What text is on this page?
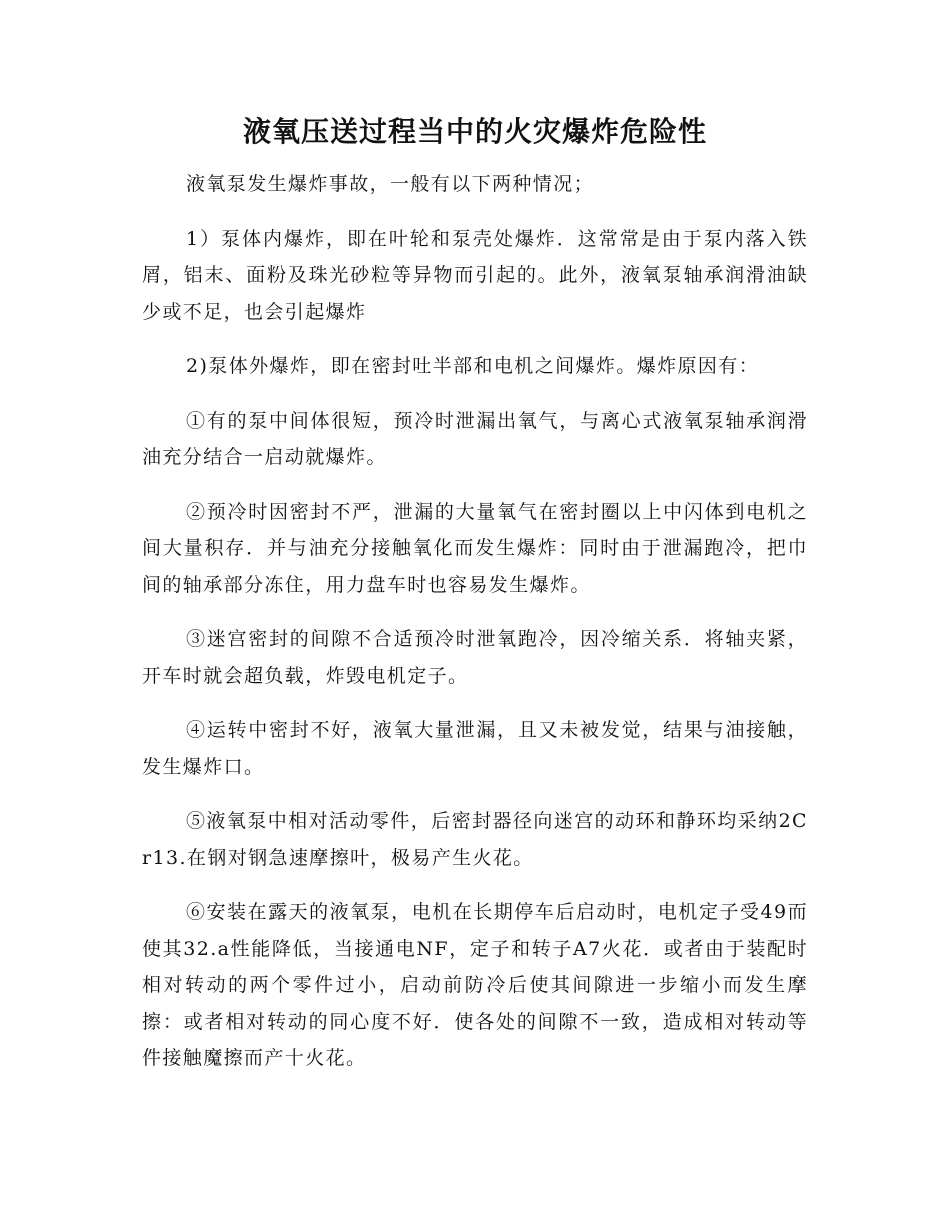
液氧压送过程当中的火灾爆炸危险性

液氧泵发生爆炸事故，一般有以下两种情况；

1）泵体内爆炸，即在叶轮和泵壳处爆炸．这常常是由于泵内落入铁屑，铝末、面粉及珠光砂粒等异物而引起的。此外，液氧泵轴承润滑油缺少或不足，也会引起爆炸

2)泵体外爆炸，即在密封吐半部和电机之间爆炸。爆炸原因有：

①有的泵中间体很短，预冷时泄漏出氧气，与离心式液氧泵轴承润滑油充分结合一启动就爆炸。

②预冷时因密封不严，泄漏的大量氧气在密封圈以上中闪体到电机之间大量积存．并与油充分接触氧化而发生爆炸：同时由于泄漏跑冷，把巾间的轴承部分冻住，用力盘车时也容易发生爆炸。

③迷宫密封的间隙不合适预冷时泄氧跑冷，因冷缩关系．将轴夹紧，开车时就会超负载，炸毁电机定子。

④运转中密封不好，液氧大量泄漏，且又未被发觉，结果与油接触，发生爆炸口。

⑤液氧泵中相对活动零件，后密封器径向迷宫的动环和静环均采纳2Cr13.在钢对钢急速摩擦叶，极易产生火花。

⑥安装在露天的液氧泵，电机在长期停车后启动时，电机定子受49而使其32.a性能降低，当接通电NF，定子和转子A7火花．或者由于装配时相对转动的两个零件过小，启动前防冷后使其间隙进一步缩小而发生摩擦：或者相对转动的同心度不好．使各处的间隙不一致，造成相对转动等件接触魔擦而产十火花。
